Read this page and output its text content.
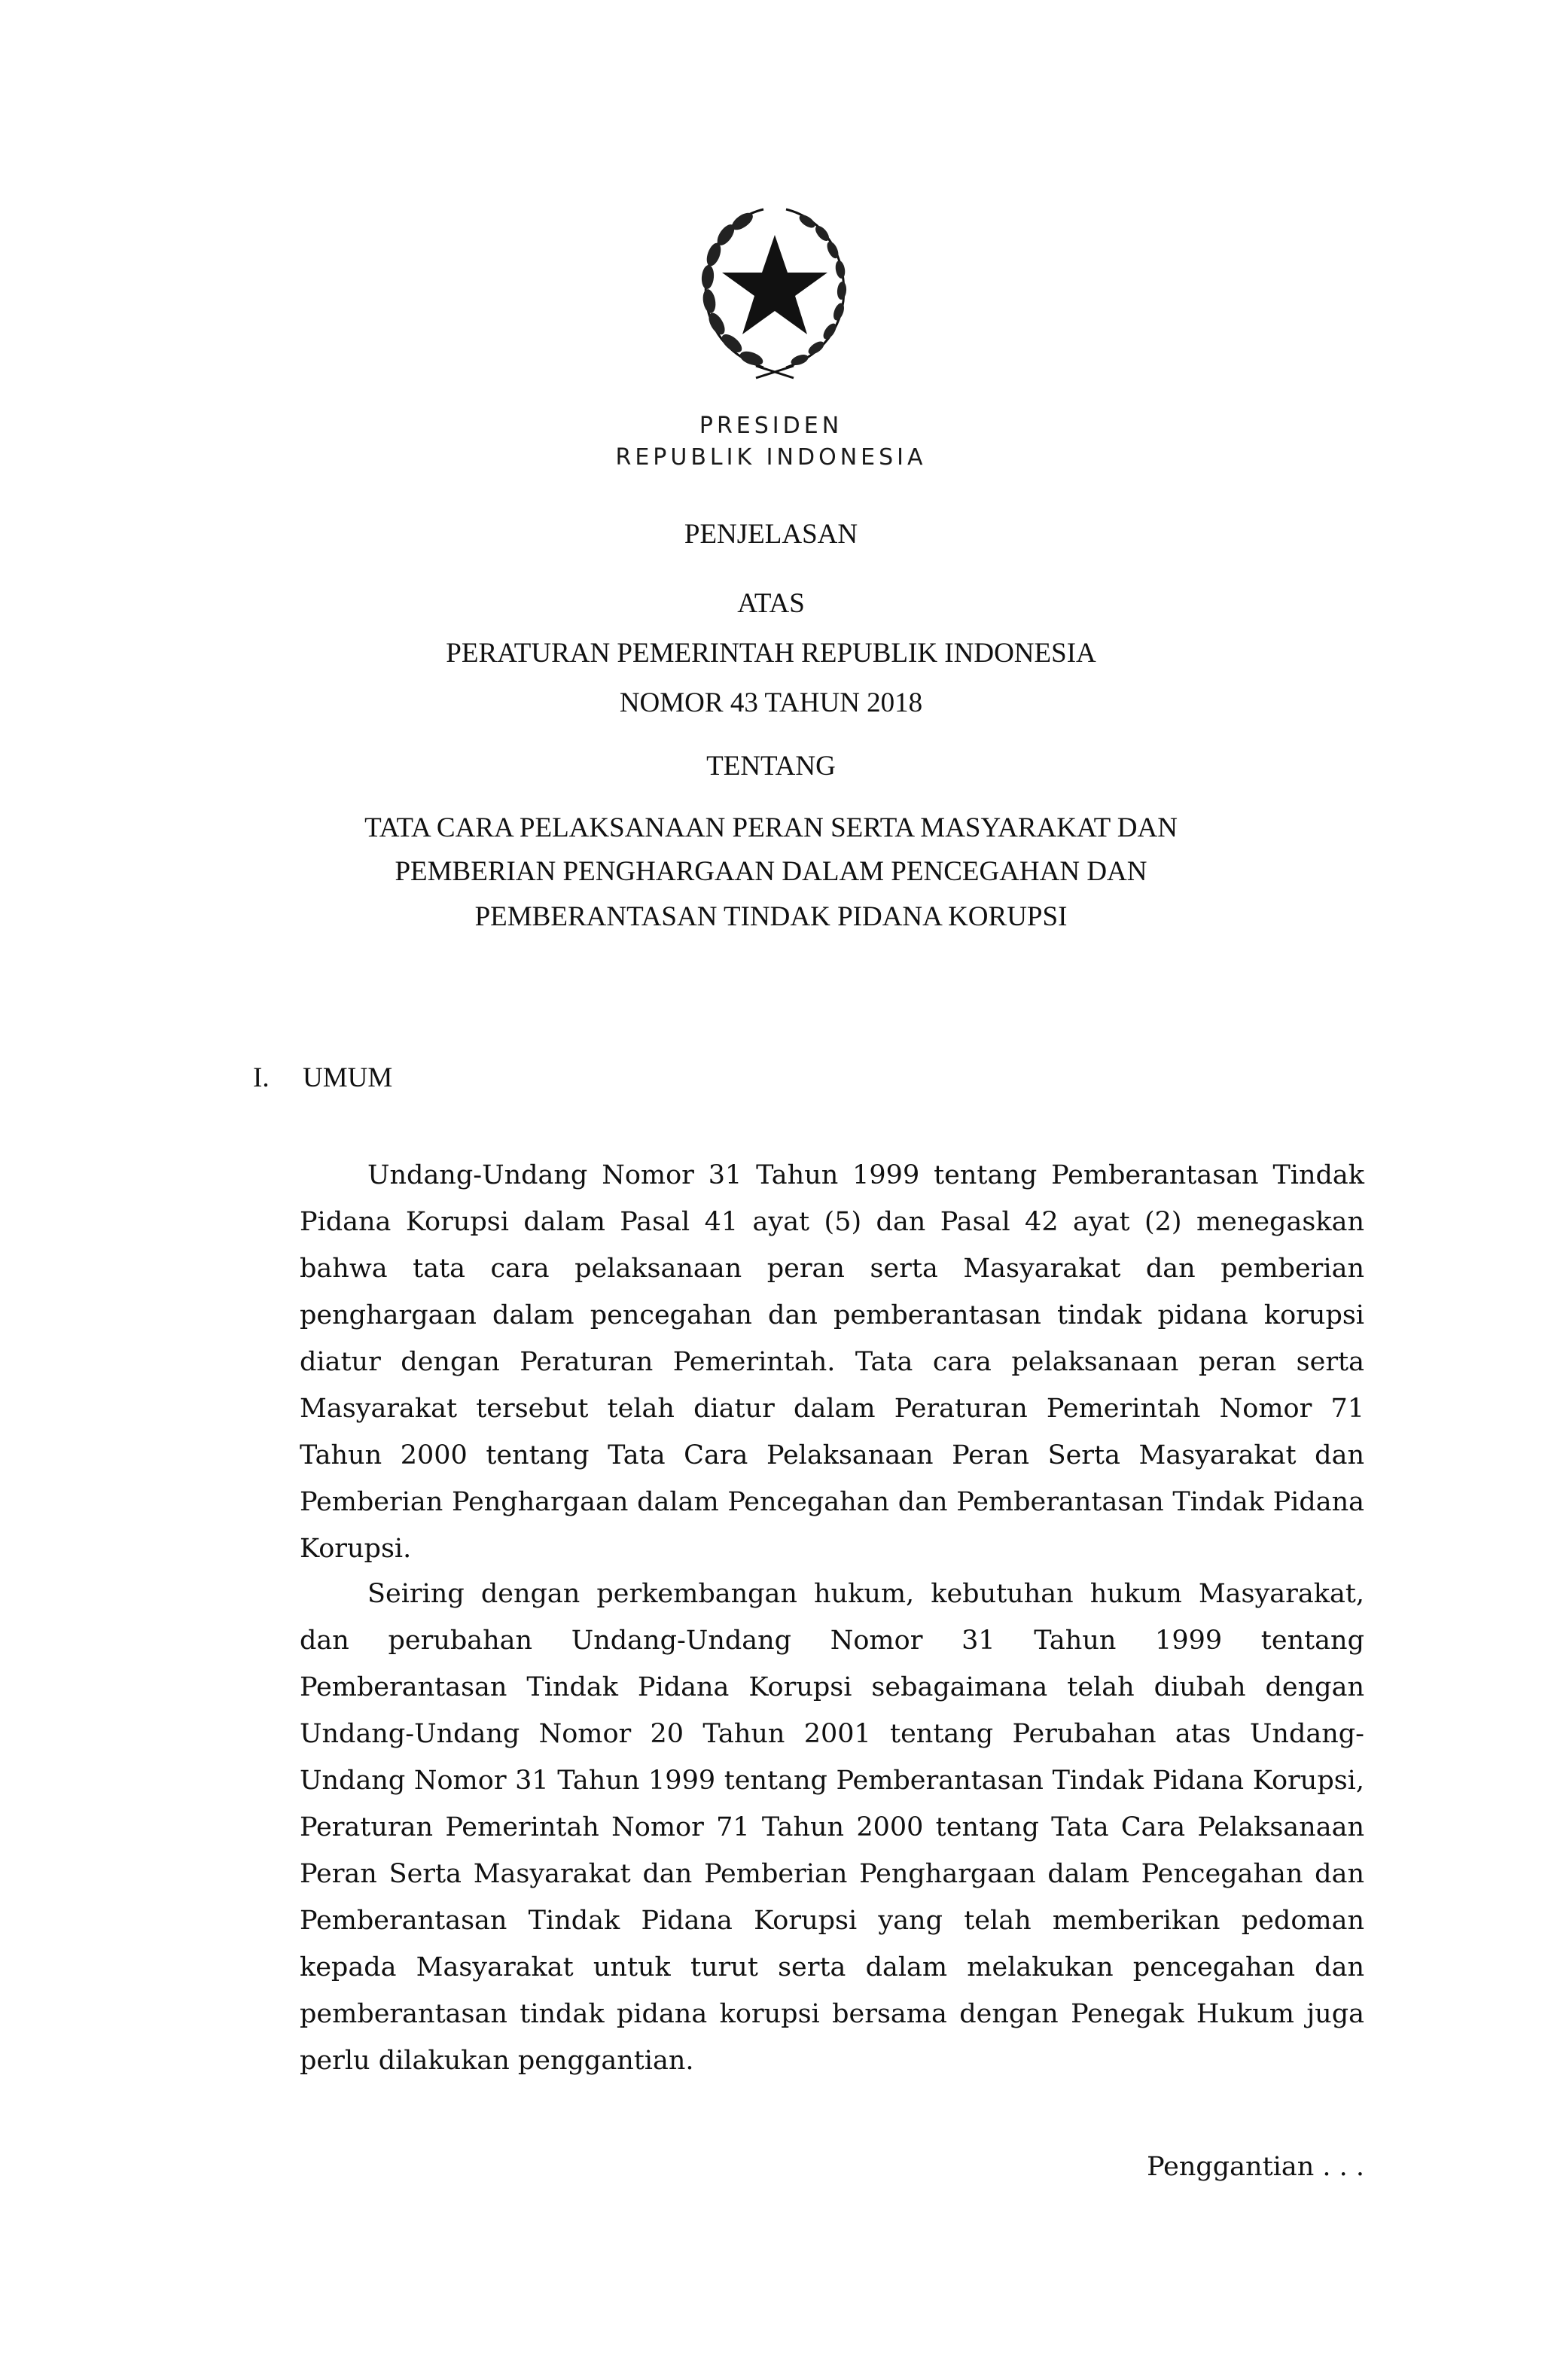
PRESIDEN
REPUBLIK INDONESIA
PENJELASAN
ATAS
PERATURAN PEMERINTAH REPUBLIK INDONESIA
NOMOR 43 TAHUN 2018
TENTANG
TATA CARA PELAKSANAAN PERAN SERTA MASYARAKAT DAN
PEMBERIAN PENGHARGAAN DALAM PENCEGAHAN DAN
PEMBERANTASAN TINDAK PIDANA KORUPSI
I. UMUM
Undang-Undang Nomor 31 Tahun 1999 tentang Pemberantasan Tindak Pidana Korupsi dalam Pasal 41 ayat (5) dan Pasal 42 ayat (2) menegaskan bahwa tata cara pelaksanaan peran serta Masyarakat dan pemberian penghargaan dalam pencegahan dan pemberantasan tindak pidana korupsi diatur dengan Peraturan Pemerintah. Tata cara pelaksanaan peran serta Masyarakat tersebut telah diatur dalam Peraturan Pemerintah Nomor 71 Tahun 2000 tentang Tata Cara Pelaksanaan Peran Serta Masyarakat dan Pemberian Penghargaan dalam Pencegahan dan Pemberantasan Tindak Pidana Korupsi.
Seiring dengan perkembangan hukum, kebutuhan hukum Masyarakat, dan perubahan Undang-Undang Nomor 31 Tahun 1999 tentang Pemberantasan Tindak Pidana Korupsi sebagaimana telah diubah dengan Undang-Undang Nomor 20 Tahun 2001 tentang Perubahan atas Undang-Undang Nomor 31 Tahun 1999 tentang Pemberantasan Tindak Pidana Korupsi, Peraturan Pemerintah Nomor 71 Tahun 2000 tentang Tata Cara Pelaksanaan Peran Serta Masyarakat dan Pemberian Penghargaan dalam Pencegahan dan Pemberantasan Tindak Pidana Korupsi yang telah memberikan pedoman kepada Masyarakat untuk turut serta dalam melakukan pencegahan dan pemberantasan tindak pidana korupsi bersama dengan Penegak Hukum juga perlu dilakukan penggantian.
Penggantian . . .
